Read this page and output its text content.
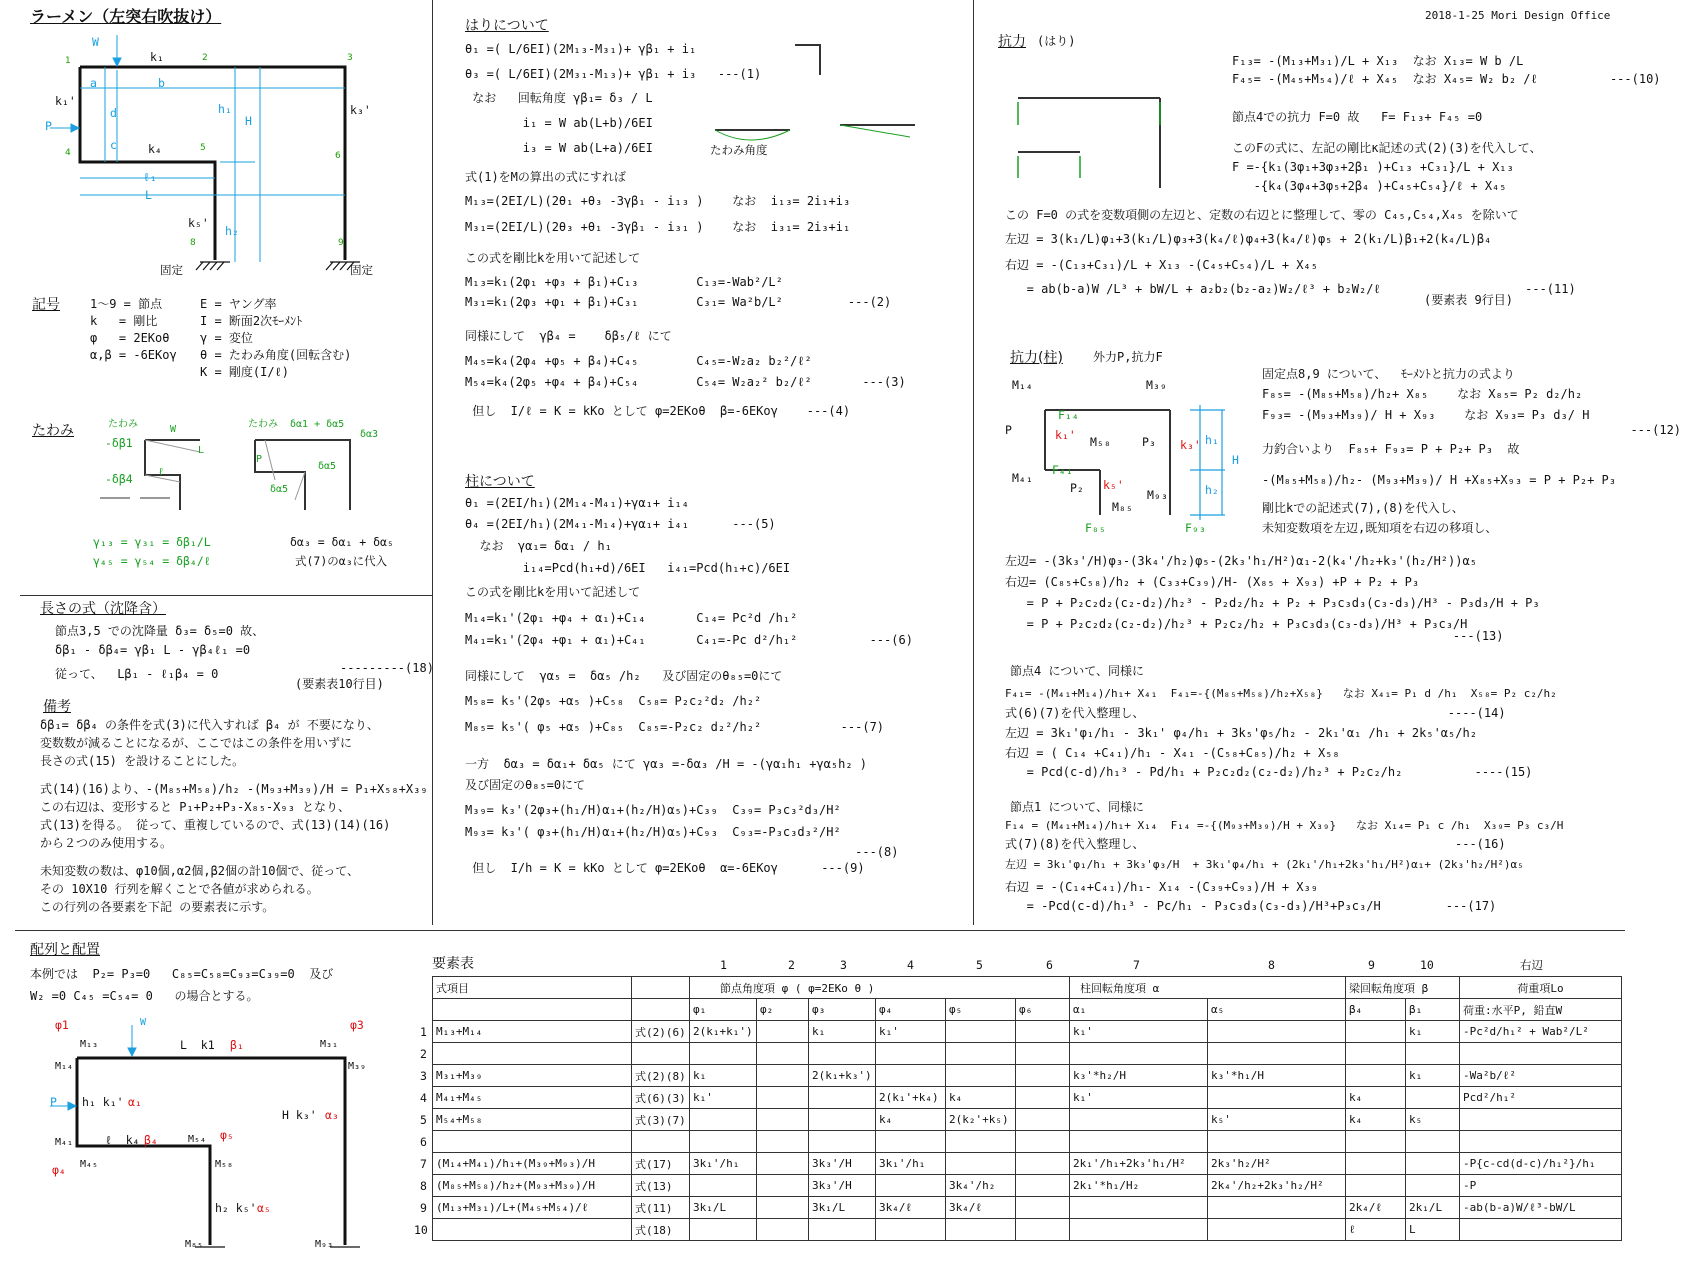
ラーメン（左突右吹抜け）	2018-1-25 Mori Design Office
1	2	3
4	5
6
8	9
W
k₁
a	b
k₁'
d
P
c	k₄
k₃'
ℓ₁
L
h₁
H
k₅'
h₂
固定	固定
記号	1～9 = 節点	E = ヤング率
k   = 剛比	I = 断面2次ﾓｰﾒﾝﾄ
φ   = 2EKoθ	γ = 変位
α,β = -6EKoγ θ = たわみ角度(回転含む)
K = 剛度(I/ℓ)
たわみ	たわみ
-δβ1
-δβ4
たわみ δα1 + δα5
δα3
δα5
δα5
L
ℓ
W
P
γ₁₃ = γ₃₁ = δβ₁/L
γ₄₅ = γ₅₄ = δβ₄/ℓ
δα₃ = δα₁ + δα₅
式(7)のα₃に代入
長さの式（沈降含）
節点3,5 での沈降量 δ₃= δ₅=0 故、
δβ₁ - δβ₄= γβ₁ L - γβ₄ℓ₁ =0
---------(18)
従って、  Lβ₁ - ℓ₁β₄ = 0
(要素表10行目)
備考
δβ₁= δβ₄ の条件を式(3)に代入すれば β₄ が 不要になり、
変数数が減ることになるが、ここではこの条件を用いずに
長さの式(15) を設けることにした。
式(14)(16)より、-(M₈₅+M₅₈)/h₂ -(M₉₃+M₃₉)/H = P₁+X₅₈+X₃₉
この右辺は、変形すると P₁+P₂+P₃-X₈₅-X₉₃ となり、
式(13)を得る。 従って、重複しているので、式(13)(14)(16)
から２つのみ使用する。
未知変数の数は、φ10個,α2個,β2個の計10個で、従って、
その 10X10 行列を解くことで各値が求められる。
この行列の各要素を下記 の要素表に示す。
はりについて
θ₁ =( L/6EI)(2M₁₃-M₃₁)+ γβ₁ + i₁
θ₃ =( L/6EI)(2M₃₁-M₁₃)+ γβ₁ + i₃   ---(1)
なお   回転角度 γβ₁= δ₃ / L
i₁ = W ab(L+b)/6EI
i₃ = W ab(L+a)/6EI
式(1)をMの算出の式にすれば
M₁₃=(2EI/L)(2θ₁ +θ₃ -3γβ₁ - i₁₃ )    なお  i₁₃= 2i₁+i₃
M₃₁=(2EI/L)(2θ₃ +θ₁ -3γβ₁ - i₃₁ )    なお  i₃₁= 2i₃+i₁
この式を剛比kを用いて記述して
M₁₃=k₁(2φ₁ +φ₃ + β₁)+C₁₃        C₁₃=-Wab²/L²
M₃₁=k₁(2φ₃ +φ₁ + β₁)+C₃₁        C₃₁= Wa²b/L²         ---(2)
同様にして  γβ₄ =    δβ₅/ℓ にて
M₄₅=k₄(2φ₄ +φ₅ + β₄)+C₄₅        C₄₅=-W₂a₂ b₂²/ℓ²
M₅₄=k₄(2φ₅ +φ₄ + β₄)+C₅₄        C₅₄= W₂a₂² b₂/ℓ²       ---(3)
但し  I/ℓ = K = kKo として φ=2EKoθ  β=-6EKoγ    ---(4)
たわみ角度
柱について
θ₁ =(2EI/h₁)(2M₁₄-M₄₁)+γα₁+ i₁₄
θ₄ =(2EI/h₁)(2M₄₁-M₁₄)+γα₁+ i₄₁      ---(5)
なお  γα₁= δα₁ / h₁
i₁₄=Pcd(h₁+d)/6EI   i₄₁=Pcd(h₁+c)/6EI
この式を剛比kを用いて記述して
M₁₄=k₁'(2φ₁ +φ₄ + α₁)+C₁₄       C₁₄= Pc²d /h₁²
M₄₁=k₁'(2φ₄ +φ₁ + α₁)+C₄₁       C₄₁=-Pc d²/h₁²          ---(6)
同様にして  γα₅ =  δα₅ /h₂   及び固定のθ₈₅=0にて
M₅₈= k₅'(2φ₅ +α₅ )+C₅₈  C₅₈= P₂c₂²d₂ /h₂²
M₈₅= k₅'( φ₅ +α₅ )+C₈₅  C₈₅=-P₂c₂ d₂²/h₂²           ---(7)
一方  δα₃ = δα₁+ δα₅ にて γα₃ =-δα₃ /H = -(γα₁h₁ +γα₅h₂ )
及び固定のθ₈₅=0にて
M₃₉= k₃'(2φ₃+(h₁/H)α₁+(h₂/H)α₅)+C₃₉  C₃₉= P₃c₃²d₃/H²
M₉₃= k₃'( φ₃+(h₁/H)α₁+(h₂/H)α₅)+C₉₃  C₉₃=-P₃c₃d₃²/H²
---(8)
但し  I/h = K = kKo として φ=2EKoθ  α=-6EKoγ      ---(9)
抗力 (はり)
F₁₃= -(M₁₃+M₃₁)/L + X₁₃  なお X₁₃= W b /L
F₄₅= -(M₄₅+M₅₄)/ℓ + X₄₅  なお X₄₅= W₂ b₂ /ℓ          ---(10)
節点4での抗力 F=0 故   F= F₁₃+ F₄₅ =0
このFの式に、左記の剛比κ記述の式(2)(3)を代入して、
F =-{k₁(3φ₁+3φ₃+2β₁ )+C₁₃ +C₃₁}/L + X₁₃
-{k₄(3φ₄+3φ₅+2β₄ )+C₄₅+C₅₄}/ℓ + X₄₅
この F=0 の式を変数項側の左辺と、定数の右辺とに整理して、零の C₄₅,C₅₄,X₄₅ を除いて
左辺 = 3(k₁/L)φ₁+3(k₁/L)φ₃+3(k₄/ℓ)φ₄+3(k₄/ℓ)φ₅ + 2(k₁/L)β₁+2(k₄/L)β₄
右辺 = -(C₁₃+C₃₁)/L + X₁₃ -(C₄₅+C₅₄)/L + X₄₅
= ab(b-a)W /L³ + bW/L + a₂b₂(b₂-a₂)W₂/ℓ³ + b₂W₂/ℓ                    ---(11)
(要素表 9行目)
抗力(柱)	外力P,抗力F
F₁₄
M₁₄	M₃₉
P	k₁' M₅₈	P₃ k₃' h₁
H
F₄₁
M₄₁	k₅'
P₂	M₉₃	h₂
M₈₅
F₈₅	F₉₃
固定点8,9 について、  ﾓｰﾒﾝﾄと抗力の式より
F₈₅= -(M₈₅+M₅₈)/h₂+ X₈₅    なお X₈₅= P₂ d₂/h₂
F₉₃= -(M₉₃+M₃₉)/ H + X₉₃    なお X₉₃= P₃ d₃/ H
---(12)
力釣合いより  F₈₅+ F₉₃= P + P₂+ P₃  故
-(M₈₅+M₅₈)/h₂- (M₉₃+M₃₉)/ H +X₈₅+X₉₃ = P + P₂+ P₃
剛比kでの記述式(7),(8)を代入し、
未知変数項を左辺,既知項を右辺の移項し、
左辺= -(3k₃'/H)φ₃-(3k₄'/h₂)φ₅-(2k₃'h₁/H²)α₁-2(k₄'/h₂+k₃'(h₂/H²))α₅
右辺= (C₈₅+C₅₈)/h₂ + (C₃₃+C₃₉)/H- (X₈₅ + X₉₃) +P + P₂ + P₃
= P + P₂c₂d₂(c₂-d₂)/h₂³ - P₂d₂/h₂ + P₂ + P₃c₃d₃(c₃-d₃)/H³ - P₃d₃/H + P₃
= P + P₂c₂d₂(c₂-d₂)/h₂³ + P₂c₂/h₂ + P₃c₃d₃(c₃-d₃)/H³ + P₃c₃/H
---(13)
節点4 について、同様に
F₄₁= -(M₄₁+M₁₄)/h₁+ X₄₁  F₄₁=-{(M₈₅+M₅₈)/h₂+X₅₈}   なお X₄₁= P₁ d /h₁  X₅₈= P₂ c₂/h₂
式(6)(7)を代入整理し、                                          ----(14)
左辺 = 3k₁'φ₁/h₁ - 3k₁' φ₄/h₁ + 3k₅'φ₅/h₂ - 2k₁'α₁ /h₁ + 2k₅'α₅/h₂
右辺 = ( C₁₄ +C₄₁)/h₁ - X₄₁ -(C₅₈+C₈₅)/h₂ + X₅₈
= Pcd(c-d)/h₁³ - Pd/h₁ + P₂c₂d₂(c₂-d₂)/h₂³ + P₂c₂/h₂          ----(15)
節点1 について、同様に
F₁₄ = (M₄₁+M₁₄)/h₁+ X₁₄  F₁₄ =-{(M₉₃+M₃₉)/H + X₃₉}   なお X₁₄= P₁ c /h₁  X₃₉= P₃ c₃/H
式(7)(8)を代入整理し、                                           ---(16)
左辺 = 3k₁'φ₁/h₁ + 3k₃'φ₃/H  + 3k₁'φ₄/h₁ + (2k₁'/h₁+2k₃'h₁/H²)α₁+ (2k₃'h₂/H²)α₅
右辺 = -(C₁₄+C₄₁)/h₁- X₁₄ -(C₃₉+C₉₃)/H + X₃₉
= -Pcd(c-d)/h₁³ - Pc/h₁ - P₃c₃d₃(c₃-d₃)/H³+P₃c₃/H         ---(17)
配列と配置
本例では  P₂= P₃=0   C₈₅=C₅₈=C₉₃=C₃₉=0  及び
W₂ =0 C₄₅ =C₅₄= 0   の場合とする。
φ1
M₁₃
W
L  k1 β₁	M₃₁
φ3
M₁₄	M₃₉
P h₁ k₁' α₁
H k₃' α₃
M₄₁	ℓ  k₄ β₄	M₅₄ φ₅
φ₄ M₄₅	M₅₈
h₂ k₅' α₅
M₈₅	M₉₃
要素表	1	2	3	4	5	6	7	8	9	10	右辺
式項目		節点角度項 φ ( φ=2EKo θ )						柱回転角度項 α		梁回転角度項 β		荷重項Lo
		φ₁	φ₂	φ₃	φ₄	φ₅	φ₆	α₁	α₅	β₄	β₁	荷重:水平P, 鉛直W
M₁₃+M₁₄	式(2)(6)	2(k₁+k₁')		k₁	k₁'			k₁'			k₁	-Pc²d/h₁² + Wab²/L²

M₃₁+M₃₉	式(2)(8)	k₁		2(k₁+k₃')				k₃'*h₂/H	k₃'*h₁/H		k₁	-Wa²b/ℓ²
M₄₁+M₄₅	式(6)(3)	k₁'			2(k₁'+k₄)	k₄		k₁'		k₄		Pcd²/h₁²
M₅₄+M₅₈	式(3)(7)				k₄	2(k₂'+k₅)			k₅'	k₄	k₅	

(M₁₄+M₄₁)/h₁+(M₃₉+M₉₃)/H	式(17)	3k₁'/h₁		3k₃'/H	3k₁'/h₁			2k₁'/h₁+2k₃'h₁/H²	2k₃'h₂/H²			-P{c-cd(d-c)/h₁²}/h₁
(M₈₅+M₅₈)/h₂+(M₉₃+M₃₉)/H	式(13)			3k₃'/H		3k₄'/h₂		2k₁'*h₁/H₂	2k₄'/h₂+2k₃'h₂/H²			-P
(M₁₃+M₃₁)/L+(M₄₅+M₅₄)/ℓ	式(11)	3k₁/L		3k₁/L	3k₄/ℓ	3k₄/ℓ				2k₄/ℓ	2k₁/L	-ab(b-a)W/ℓ³-bW/L
	式(18)									ℓ	L	
1
2
3
4
5
6
7
8
9
10
